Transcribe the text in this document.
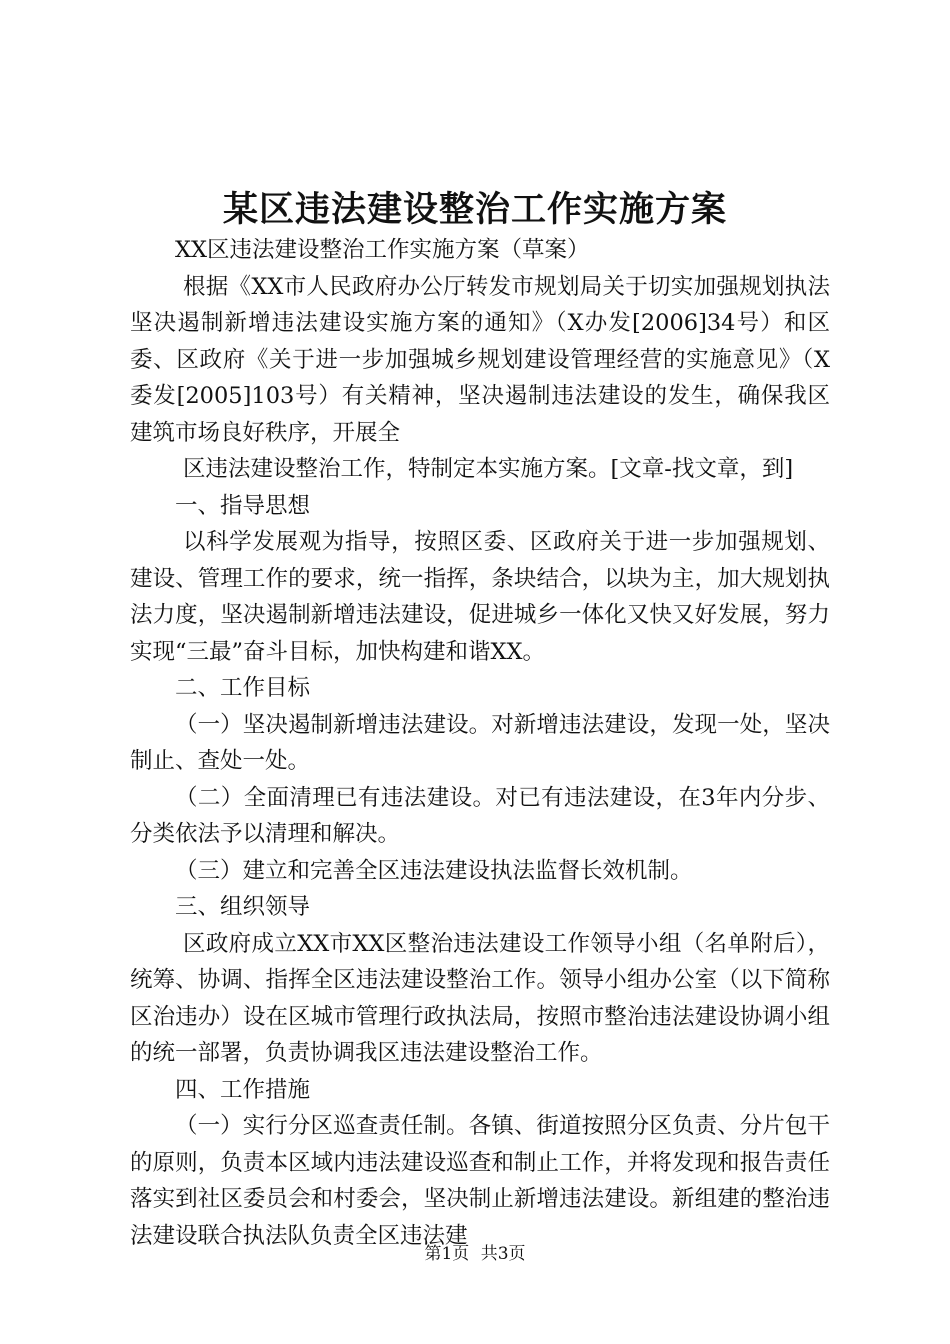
某区违法建设整治工作实施方案

XX区违法建设整治工作实施方案（草案）

根据《XX市人民政府办公厅转发市规划局关于切实加强规划执法坚决遏制新增违法建设实施方案的通知》（X办发[2006]34号）和区委、区政府《关于进一步加强城乡规划建设管理经营的实施意见》（X委发[2005]103号）有关精神，坚决遏制违法建设的发生，确保我区建筑市场良好秩序，开展全

区违法建设整治工作，特制定本实施方案。[文章-找文章，到]

一、指导思想

以科学发展观为指导，按照区委、区政府关于进一步加强规划、建设、管理工作的要求，统一指挥，条块结合，以块为主，加大规划执法力度，坚决遏制新增违法建设，促进城乡一体化又快又好发展，努力实现“三最”奋斗目标，加快构建和谐XX。

二、工作目标

（一）坚决遏制新增违法建设。对新增违法建设，发现一处，坚决制止、查处一处。

（二）全面清理已有违法建设。对已有违法建设，在3年内分步、分类依法予以清理和解决。

（三）建立和完善全区违法建设执法监督长效机制。

三、组织领导

区政府成立XX市XX区整治违法建设工作领导小组（名单附后），统筹、协调、指挥全区违法建设整治工作。领导小组办公室（以下简称区治违办）设在区城市管理行政执法局，按照市整治违法建设协调小组的统一部署，负责协调我区违法建设整治工作。

四、工作措施

（一）实行分区巡查责任制。各镇、街道按照分区负责、分片包干的原则，负责本区域内违法建设巡查和制止工作，并将发现和报告责任落实到社区委员会和村委会，坚决制止新增违法建设。新组建的整治违法建设联合执法队负责全区违法建

第1页 共3页
